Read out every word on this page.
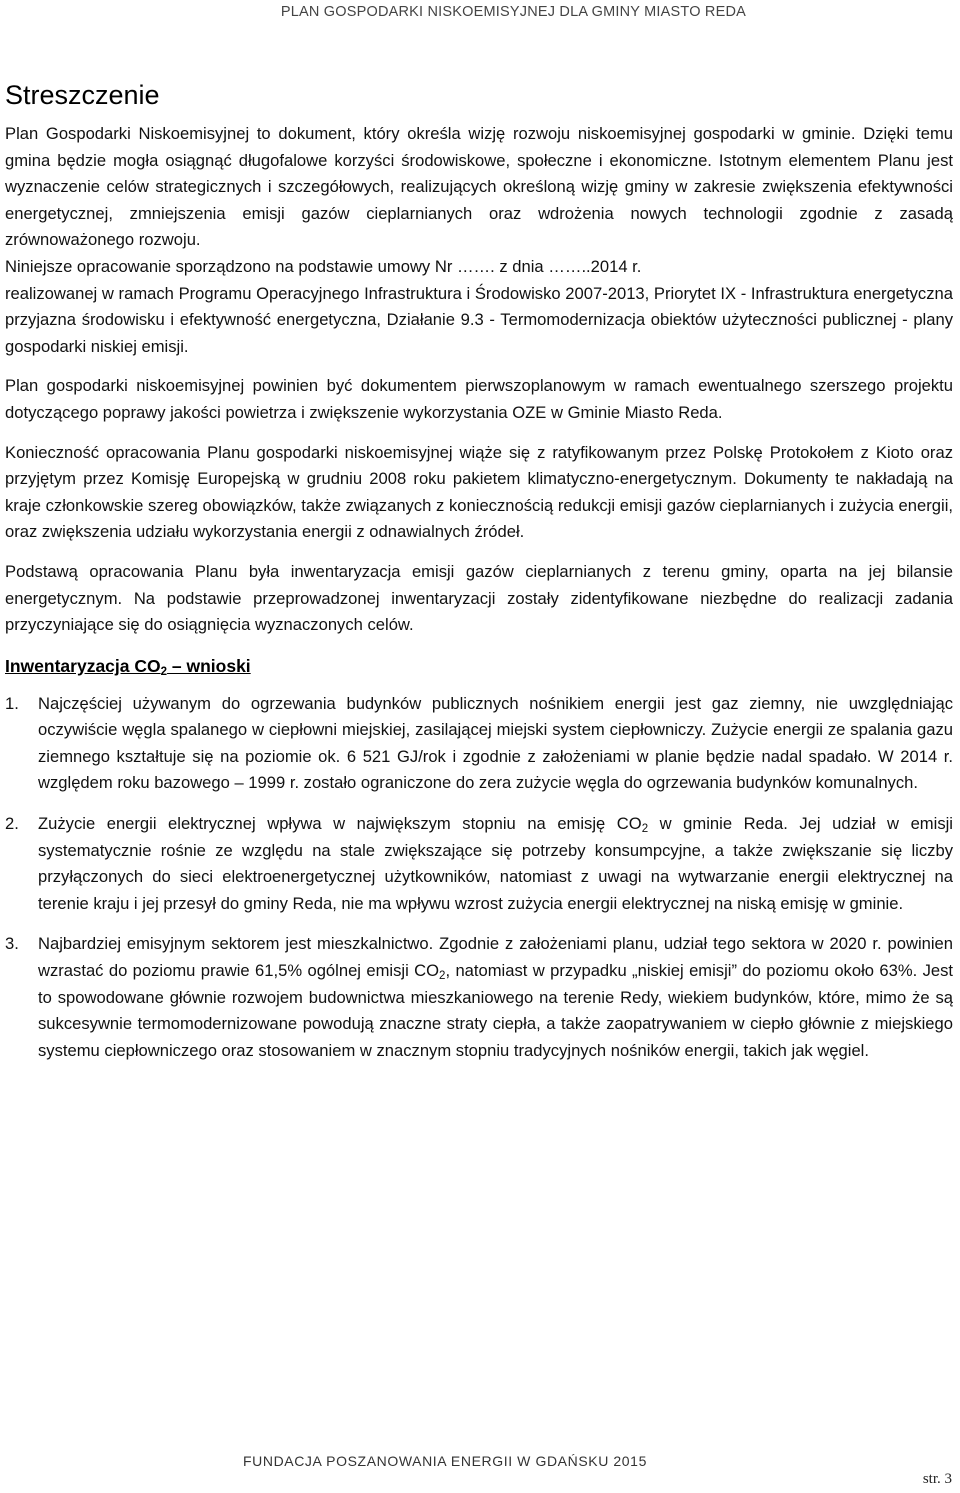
PLAN GOSPODARKI NISKOEMISYJNEJ DLA GMINY MIASTO REDA
Streszczenie

Plan Gospodarki Niskoemisyjnej to dokument, który określa wizję rozwoju niskoemisyjnej gospodarki w gminie. Dzięki temu gmina będzie mogła osiągnąć długofalowe korzyści środowiskowe, społeczne i ekonomiczne. Istotnym elementem Planu jest wyznaczenie celów strategicznych i szczegółowych, realizujących określoną wizję gminy w zakresie zwiększenia efektywności energetycznej, zmniejszenia emisji gazów cieplarnianych oraz wdrożenia nowych technologii zgodnie z zasadą zrównoważonego rozwoju.

Niniejsze opracowanie sporządzono na podstawie umowy Nr ……. z dnia ……..2014 r.

realizowanej w ramach Programu Operacyjnego Infrastruktura i Środowisko 2007-2013, Priorytet IX - Infrastruktura energetyczna przyjazna środowisku i efektywność energetyczna, Działanie 9.3 - Termomodernizacja obiektów użyteczności publicznej - plany gospodarki niskiej emisji.

Plan gospodarki niskoemisyjnej powinien być dokumentem pierwszoplanowym w ramach ewentualnego szerszego projektu dotyczącego poprawy jakości powietrza i zwiększenie wykorzystania OZE w Gminie Miasto Reda.

Konieczność opracowania Planu gospodarki niskoemisyjnej wiąże się z ratyfikowanym przez Polskę Protokołem z Kioto oraz przyjętym przez Komisję Europejską w grudniu 2008 roku pakietem klimatyczno-energetycznym. Dokumenty te nakładają na kraje członkowskie szereg obowiązków, także związanych z koniecznością redukcji emisji gazów cieplarnianych i zużycia energii, oraz zwiększenia udziału wykorzystania energii z odnawialnych źródeł.

Podstawą opracowania Planu była inwentaryzacja emisji gazów cieplarnianych z terenu gminy, oparta na jej bilansie energetycznym. Na podstawie przeprowadzonej inwentaryzacji zostały zidentyfikowane niezbędne do realizacji zadania przyczyniające się do osiągnięcia wyznaczonych celów.

Inwentaryzacja $CO_2$ – wnioski
1. Najczęściej używanym do ogrzewania budynków publicznych nośnikiem energii jest gaz ziemny, nie uwzględniając oczywiście węgla spalanego w ciepłowni miejskiej, zasilającej miejski system ciepłowniczy. Zużycie energii ze spalania gazu ziemnego kształtuje się na poziomie ok. 6 521 GJ/rok i zgodnie z założeniami w planie będzie nadal spadało. W 2014 r. względem roku bazowego – 1999 r. zostało ograniczone do zera zużycie węgla do ogrzewania budynków komunalnych.
2. Zużycie energii elektrycznej wpływa w największym stopniu na emisję $CO_2$ w gminie Reda. Jej udział w emisji systematycznie rośnie ze względu na stale zwiększające się potrzeby konsumpcyjne, a także zwiększanie się liczby przyłączonych do sieci elektroenergetycznej użytkowników, natomiast z uwagi na wytwarzanie energii elektrycznej na terenie kraju i jej przesył do gminy Reda, nie ma wpływu wzrost zużycia energii elektrycznej na niską emisję w gminie.
3. Najbardziej emisyjnym sektorem jest mieszkalnictwo. Zgodnie z założeniami planu, udział tego sektora w 2020 r. powinien wzrastać do poziomu prawie 61,5% ogólnej emisji $CO_2$, natomiast w przypadku „niskiej emisji” do poziomu około 63%. Jest to spowodowane głównie rozwojem budownictwa mieszkaniowego na terenie Redy, wiekiem budynków, które, mimo że są sukcesywnie termomodernizowane powodują znaczne straty ciepła, a także zaopatrywaniem w ciepło głównie z miejskiego systemu ciepłowniczego oraz stosowaniem w znacznym stopniu tradycyjnych nośników energii, takich jak węgiel.
FUNDACJA POSZANOWANIA ENERGII W GDAŃSKU 2015
str. 3
